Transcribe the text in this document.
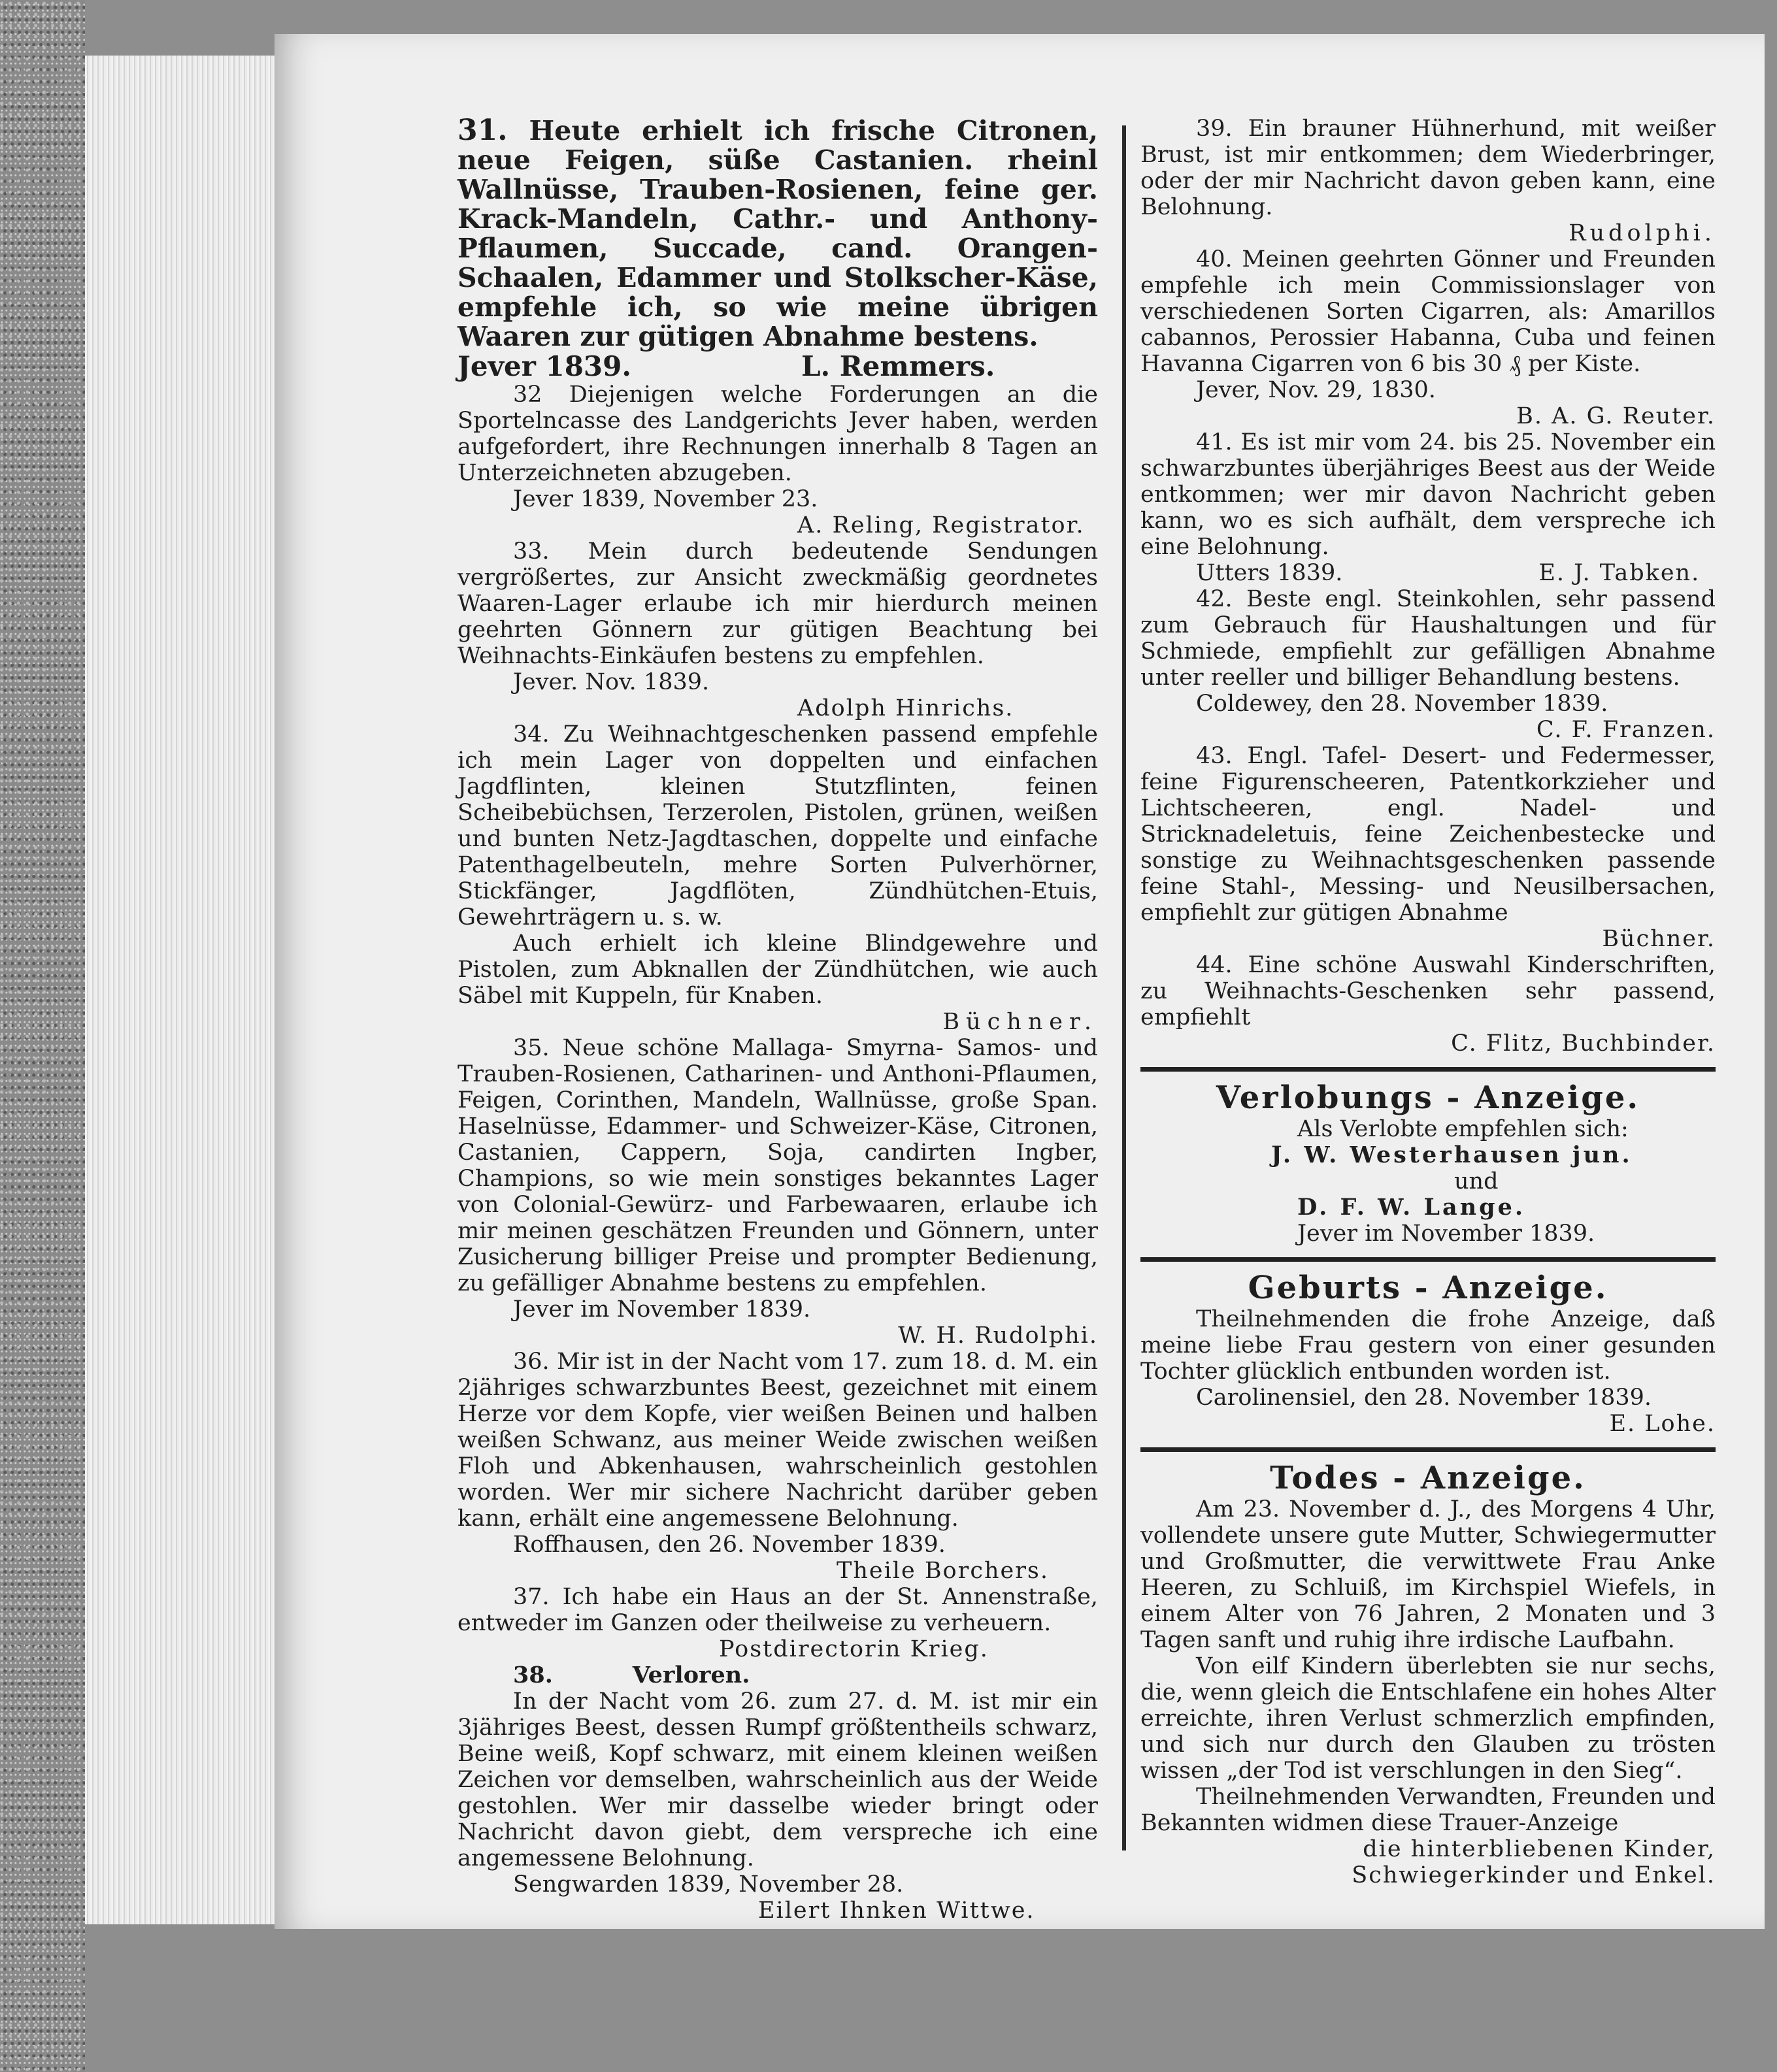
31. Heute erhielt ich frische Citronen, neue Feigen, süße Castanien. rheinl Wallnüsse, Trauben-Rosienen, feine ger. Krack-Mandeln, Cathr.- und Anthony-Pflaumen, Succade, cand. Orangen-Schaalen, Edammer und Stolkscher-Käse, empfehle ich, so wie meine übrigen Waaren zur gütigen Abnahme bestens.

Jever 1839.	L. Remmers.

32 Diejenigen welche Forderungen an die Sportelncasse des Landgerichts Jever haben, werden aufgefordert, ihre Rechnungen innerhalb 8 Tagen an Unterzeichneten abzugeben.

Jever 1839, November 23.

A. Reling, Registrator.

33. Mein durch bedeutende Sendungen vergrößertes, zur Ansicht zweckmäßig geordnetes Waaren-Lager erlaube ich mir hierdurch meinen geehrten Gönnern zur gütigen Beachtung bei Weihnachts-Einkäufen bestens zu empfehlen.

Jever. Nov. 1839.

Adolph Hinrichs.

34. Zu Weihnachtgeschenken passend empfehle ich mein Lager von doppelten und einfachen Jagdflinten, kleinen Stutzflinten, feinen Scheibebüchsen, Terzerolen, Pistolen, grünen, weißen und bunten Netz-Jagdtaschen, doppelte und einfache Patenthagelbeuteln, mehre Sorten Pulverhörner, Stickfänger, Jagdflöten, Zündhütchen-Etuis, Gewehrträgern u. s. w.

Auch erhielt ich kleine Blindgewehre und Pistolen, zum Abknallen der Zündhütchen, wie auch Säbel mit Kuppeln, für Knaben.

Büchner.

35. Neue schöne Mallaga- Smyrna- Samos- und Trauben-Rosienen, Catharinen- und Anthoni-Pflaumen, Feigen, Corinthen, Mandeln, Wallnüsse, große Span. Haselnüsse, Edammer- und Schweizer-Käse, Citronen, Castanien, Cappern, Soja, candirten Ingber, Champions, so wie mein sonstiges bekanntes Lager von Colonial-Gewürz- und Farbewaaren, erlaube ich mir meinen geschätzen Freunden und Gönnern, unter Zusicherung billiger Preise und prompter Bedienung, zu gefälliger Abnahme bestens zu empfehlen.

Jever im November 1839.

W. H. Rudolphi.

36. Mir ist in der Nacht vom 17. zum 18. d. M. ein 2jähriges schwarzbuntes Beest, gezeichnet mit einem Herze vor dem Kopfe, vier weißen Beinen und halben weißen Schwanz, aus meiner Weide zwischen weißen Floh und Abkenhausen, wahrscheinlich gestohlen worden. Wer mir sichere Nachricht darüber geben kann, erhält eine angemessene Belohnung.

Roffhausen, den 26. November 1839.

Theile Borchers.

37. Ich habe ein Haus an der St. Annenstraße, entweder im Ganzen oder theilweise zu verheuern.

Postdirectorin Krieg.

38.          Verloren.

In der Nacht vom 26. zum 27. d. M. ist mir ein 3jähriges Beest, dessen Rumpf größtentheils schwarz, Beine weiß, Kopf schwarz, mit einem kleinen weißen Zeichen vor demselben, wahrscheinlich aus der Weide gestohlen. Wer mir dasselbe wieder bringt oder Nachricht davon giebt, dem verspreche ich eine angemessene Belohnung.

Sengwarden 1839, November 28.

Eilert Ihnken Wittwe.

39. Ein brauner Hühnerhund, mit weißer Brust, ist mir entkommen; dem Wiederbringer, oder der mir Nachricht davon geben kann, eine Belohnung.

Rudolphi.

40. Meinen geehrten Gönner und Freunden empfehle ich mein Commissionslager von verschiedenen Sorten Cigarren, als: Amarillos cabannos, Perossier Habanna, Cuba und feinen Havanna Cigarren von 6 bis 30 ₰ per Kiste.

Jever, Nov. 29, 1830.

B. A. G. Reuter.

41. Es ist mir vom 24. bis 25. November ein schwarzbuntes überjähriges Beest aus der Weide entkommen; wer mir davon Nachricht geben kann, wo es sich aufhält, dem verspreche ich eine Belohnung.

Utters 1839.	E. J. Tabken.

42. Beste engl. Steinkohlen, sehr passend zum Gebrauch für Haushaltungen und für Schmiede, empfiehlt zur gefälligen Abnahme unter reeller und billiger Behandlung bestens.

Coldewey, den 28. November 1839.

C. F. Franzen.

43. Engl. Tafel- Desert- und Federmesser, feine Figurenscheeren, Patentkorkzieher und Lichtscheeren, engl. Nadel- und Stricknadeletuis, feine Zeichenbestecke und sonstige zu Weihnachtsgeschenken passende feine Stahl-, Messing- und Neusilbersachen, empfiehlt zur gütigen Abnahme

Büchner.

44. Eine schöne Auswahl Kinderschriften, zu Weihnachts-Geschenken sehr passend, empfiehlt

C. Flitz, Buchbinder.

Verlobungs - Anzeige.

Als Verlobte empfehlen sich:

J. W. Westerhausen jun.

und

D. F. W. Lange.

Jever im November 1839.

Geburts - Anzeige.

Theilnehmenden die frohe Anzeige, daß meine liebe Frau gestern von einer gesunden Tochter glücklich entbunden worden ist.

Carolinensiel, den 28. November 1839.

E. Lohe.

Todes - Anzeige.

Am 23. November d. J., des Morgens 4 Uhr, vollendete unsere gute Mutter, Schwiegermutter und Großmutter, die verwittwete Frau Anke Heeren, zu Schluiß, im Kirchspiel Wiefels, in einem Alter von 76 Jahren, 2 Monaten und 3 Tagen sanft und ruhig ihre irdische Laufbahn.

Von eilf Kindern überlebten sie nur sechs, die, wenn gleich die Entschlafene ein hohes Alter erreichte, ihren Verlust schmerzlich empfinden, und sich nur durch den Glauben zu trösten wissen „der Tod ist verschlungen in den Sieg“.

Theilnehmenden Verwandten, Freunden und Bekannten widmen diese Trauer-Anzeige

die hinterbliebenen Kinder,

Schwiegerkinder und Enkel.
